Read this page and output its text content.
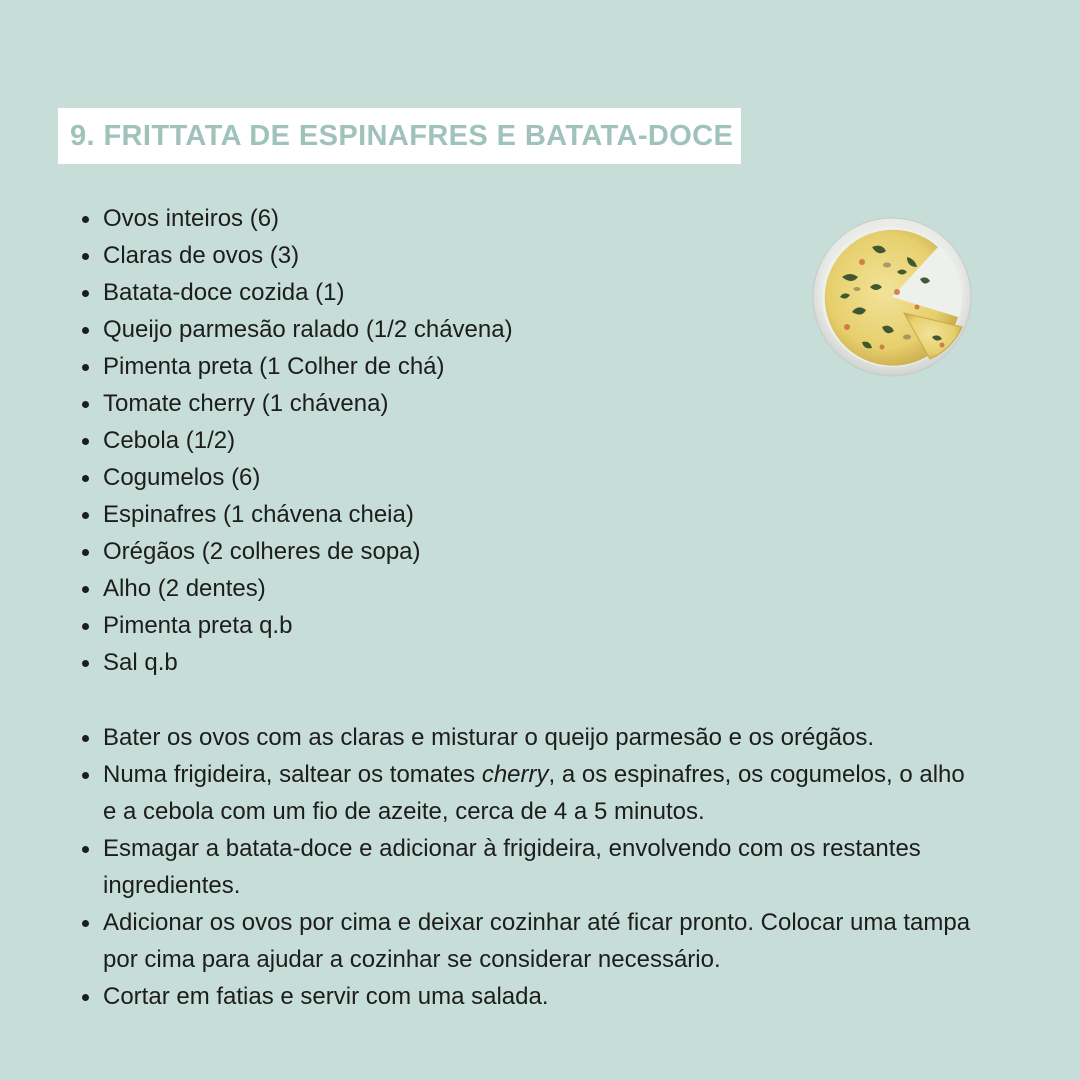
9. FRITTATA DE ESPINAFRES E BATATA-DOCE
Ovos inteiros (6)
Claras de ovos (3)
Batata-doce cozida (1)
Queijo parmesão ralado (1/2 chávena)
Pimenta preta (1 Colher de chá)
Tomate cherry (1 chávena)
Cebola (1/2)
Cogumelos (6)
Espinafres (1 chávena cheia)
Orégãos (2 colheres de sopa)
Alho (2 dentes)
Pimenta preta q.b
Sal q.b
Bater os ovos com as claras e misturar o queijo parmesão e os orégãos.
Numa frigideira, saltear os tomates cherry, a os espinafres, os cogumelos, o alho e a cebola com um fio de azeite, cerca de 4 a 5 minutos.
Esmagar a batata-doce e adicionar à frigideira, envolvendo com os restantes ingredientes.
Adicionar os ovos por cima e deixar cozinhar até ficar pronto. Colocar uma tampa por cima para ajudar a cozinhar se considerar necessário.
Cortar em fatias e servir com uma salada.
